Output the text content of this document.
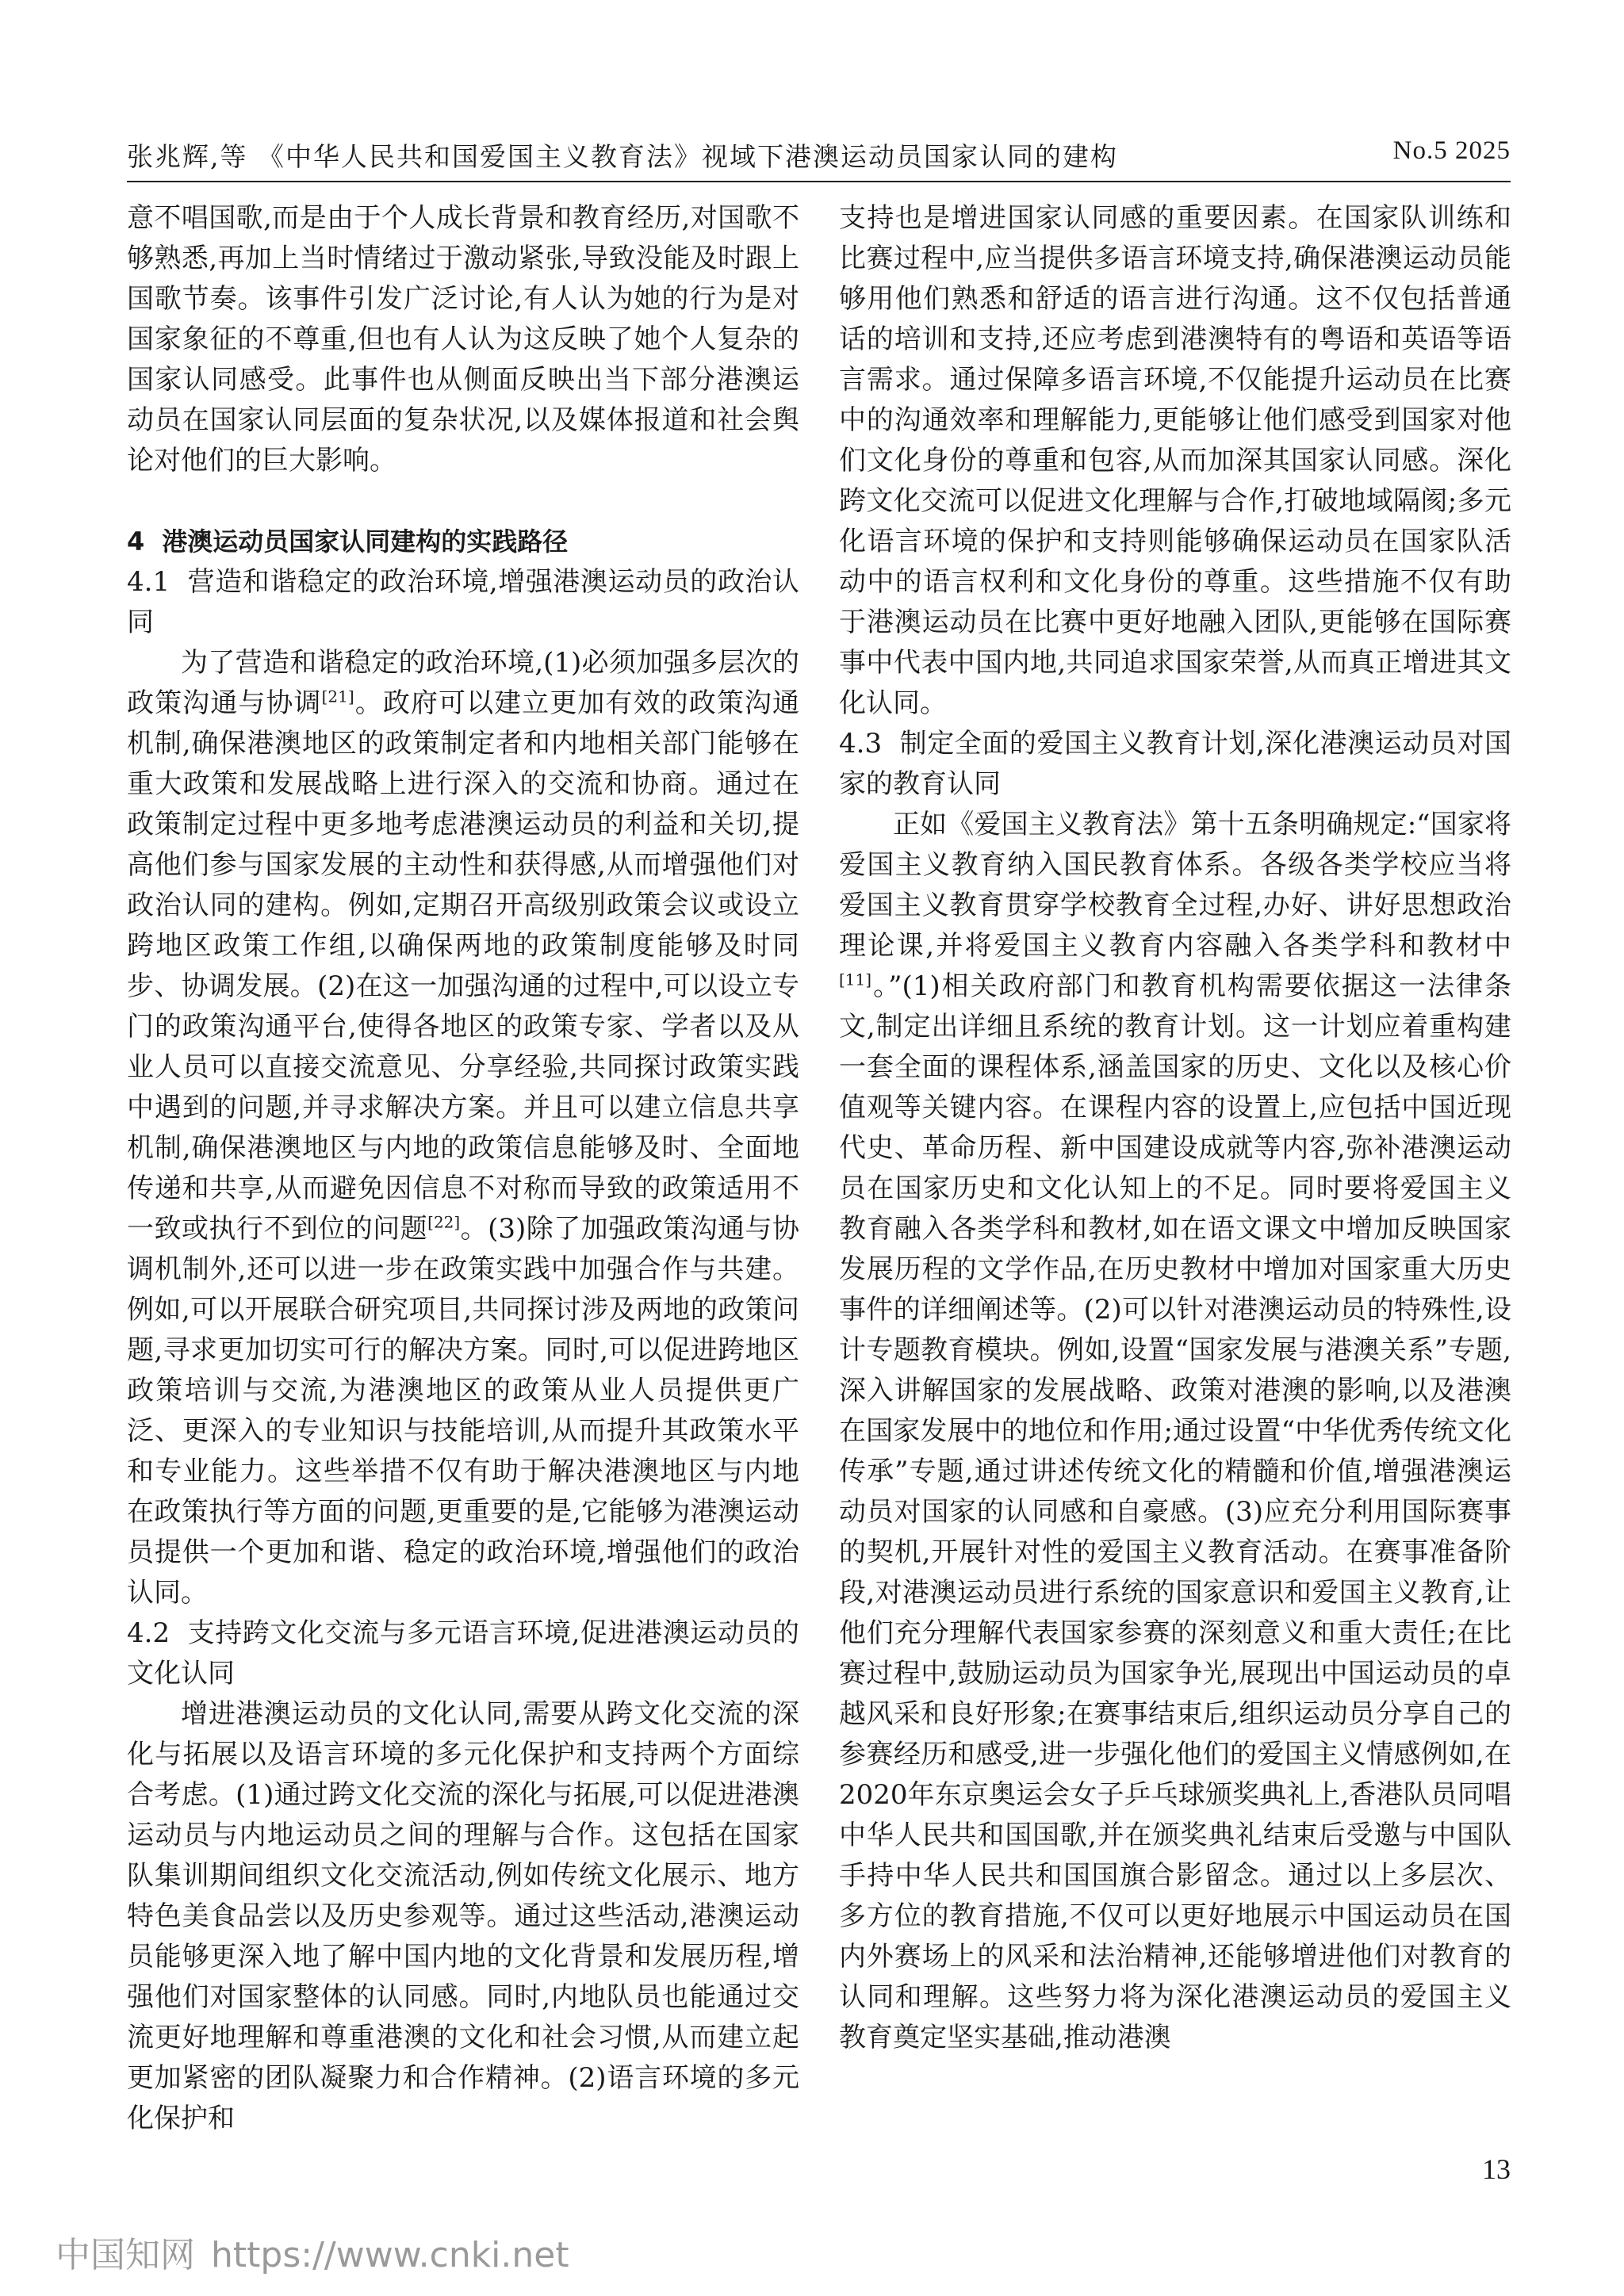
张兆辉,等 《中华人民共和国爱国主义教育法》视域下港澳运动员国家认同的建构	No.5 2025

意不唱国歌,而是由于个人成长背景和教育经历,对国歌不够熟悉,再加上当时情绪过于激动紧张,导致没能及时跟上国歌节奏。该事件引发广泛讨论,有人认为她的行为是对国家象征的不尊重,但也有人认为这反映了她个人复杂的国家认同感受。此事件也从侧面反映出当下部分港澳运动员在国家认同层面的复杂状况,以及媒体报道和社会舆论对他们的巨大影响。

4 港澳运动员国家认同建构的实践路径
4.1 营造和谐稳定的政治环境,增强港澳运动员的政治认同

为了营造和谐稳定的政治环境,(1)必须加强多层次的政策沟通与协调[21]。政府可以建立更加有效的政策沟通机制,确保港澳地区的政策制定者和内地相关部门能够在重大政策和发展战略上进行深入的交流和协商。通过在政策制定过程中更多地考虑港澳运动员的利益和关切,提高他们参与国家发展的主动性和获得感,从而增强他们对政治认同的建构。例如,定期召开高级别政策会议或设立跨地区政策工作组,以确保两地的政策制度能够及时同步、协调发展。(2)在这一加强沟通的过程中,可以设立专门的政策沟通平台,使得各地区的政策专家、学者以及从业人员可以直接交流意见、分享经验,共同探讨政策实践中遇到的问题,并寻求解决方案。并且可以建立信息共享机制,确保港澳地区与内地的政策信息能够及时、全面地传递和共享,从而避免因信息不对称而导致的政策适用不一致或执行不到位的问题[22]。(3)除了加强政策沟通与协调机制外,还可以进一步在政策实践中加强合作与共建。例如,可以开展联合研究项目,共同探讨涉及两地的政策问题,寻求更加切实可行的解决方案。同时,可以促进跨地区政策培训与交流,为港澳地区的政策从业人员提供更广泛、更深入的专业知识与技能培训,从而提升其政策水平和专业能力。这些举措不仅有助于解决港澳地区与内地在政策执行等方面的问题,更重要的是,它能够为港澳运动员提供一个更加和谐、稳定的政治环境,增强他们的政治认同。

4.2 支持跨文化交流与多元语言环境,促进港澳运动员的文化认同

增进港澳运动员的文化认同,需要从跨文化交流的深化与拓展以及语言环境的多元化保护和支持两个方面综合考虑。(1)通过跨文化交流的深化与拓展,可以促进港澳运动员与内地运动员之间的理解与合作。这包括在国家队集训期间组织文化交流活动,例如传统文化展示、地方特色美食品尝以及历史参观等。通过这些活动,港澳运动员能够更深入地了解中国内地的文化背景和发展历程,增强他们对国家整体的认同感。同时,内地队员也能通过交流更好地理解和尊重港澳的文化和社会习惯,从而建立起更加紧密的团队凝聚力和合作精神。(2)语言环境的多元化保护和

支持也是增进国家认同感的重要因素。在国家队训练和比赛过程中,应当提供多语言环境支持,确保港澳运动员能够用他们熟悉和舒适的语言进行沟通。这不仅包括普通话的培训和支持,还应考虑到港澳特有的粤语和英语等语言需求。通过保障多语言环境,不仅能提升运动员在比赛中的沟通效率和理解能力,更能够让他们感受到国家对他们文化身份的尊重和包容,从而加深其国家认同感。深化跨文化交流可以促进文化理解与合作,打破地域隔阂;多元化语言环境的保护和支持则能够确保运动员在国家队活动中的语言权利和文化身份的尊重。这些措施不仅有助于港澳运动员在比赛中更好地融入团队,更能够在国际赛事中代表中国内地,共同追求国家荣誉,从而真正增进其文化认同。

4.3 制定全面的爱国主义教育计划,深化港澳运动员对国家的教育认同

正如《爱国主义教育法》第十五条明确规定:“国家将爱国主义教育纳入国民教育体系。各级各类学校应当将爱国主义教育贯穿学校教育全过程,办好、讲好思想政治理论课,并将爱国主义教育内容融入各类学科和教材中[11]。”(1)相关政府部门和教育机构需要依据这一法律条文,制定出详细且系统的教育计划。这一计划应着重构建一套全面的课程体系,涵盖国家的历史、文化以及核心价值观等关键内容。在课程内容的设置上,应包括中国近现代史、革命历程、新中国建设成就等内容,弥补港澳运动员在国家历史和文化认知上的不足。同时要将爱国主义教育融入各类学科和教材,如在语文课文中增加反映国家发展历程的文学作品,在历史教材中增加对国家重大历史事件的详细阐述等。(2)可以针对港澳运动员的特殊性,设计专题教育模块。例如,设置“国家发展与港澳关系”专题,深入讲解国家的发展战略、政策对港澳的影响,以及港澳在国家发展中的地位和作用;通过设置“中华优秀传统文化传承”专题,通过讲述传统文化的精髓和价值,增强港澳运动员对国家的认同感和自豪感。(3)应充分利用国际赛事的契机,开展针对性的爱国主义教育活动。在赛事准备阶段,对港澳运动员进行系统的国家意识和爱国主义教育,让他们充分理解代表国家参赛的深刻意义和重大责任;在比赛过程中,鼓励运动员为国家争光,展现出中国运动员的卓越风采和良好形象;在赛事结束后,组织运动员分享自己的参赛经历和感受,进一步强化他们的爱国主义情感例如,在2020年东京奥运会女子乒乓球颁奖典礼上,香港队员同唱中华人民共和国国歌,并在颁奖典礼结束后受邀与中国队手持中华人民共和国国旗合影留念。通过以上多层次、多方位的教育措施,不仅可以更好地展示中国运动员在国内外赛场上的风采和法治精神,还能够增进他们对教育的认同和理解。这些努力将为深化港澳运动员的爱国主义教育奠定坚实基础,推动港澳

13
中国知网 https://www.cnki.net
